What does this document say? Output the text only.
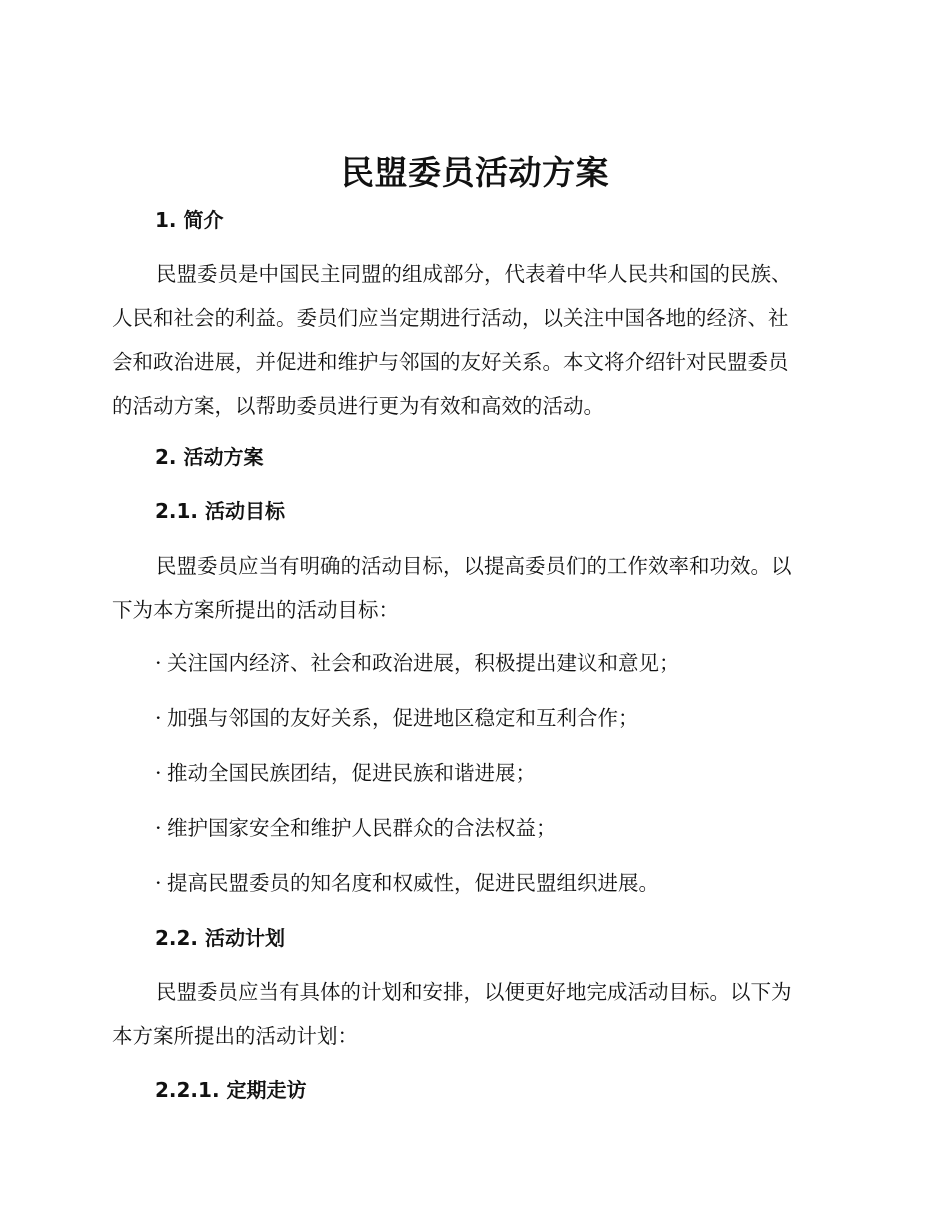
民盟委员活动方案
1. 简介
民盟委员是中国民主同盟的组成部分，代表着中华人民共和国的民族、
人民和社会的利益。委员们应当定期进行活动，以关注中国各地的经济、社
会和政治进展，并促进和维护与邻国的友好关系。本文将介绍针对民盟委员
的活动方案，以帮助委员进行更为有效和高效的活动。
2. 活动方案
2.1. 活动目标
民盟委员应当有明确的活动目标，以提高委员们的工作效率和功效。以
下为本方案所提出的活动目标：
· 关注国内经济、社会和政治进展，积极提出建议和意见；
· 加强与邻国的友好关系，促进地区稳定和互利合作；
· 推动全国民族团结，促进民族和谐进展；
· 维护国家安全和维护人民群众的合法权益；
· 提高民盟委员的知名度和权威性，促进民盟组织进展。
2.2. 活动计划
民盟委员应当有具体的计划和安排，以便更好地完成活动目标。以下为
本方案所提出的活动计划：
2.2.1. 定期走访
